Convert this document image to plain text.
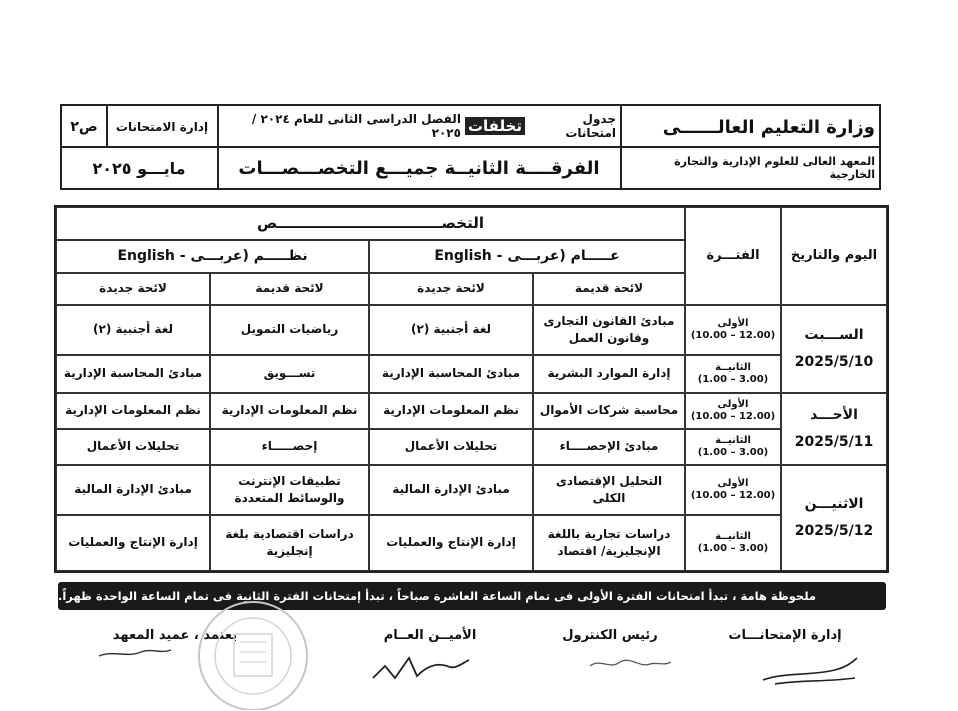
وزارة التعليم العالــــــى
المعهد العالى للعلوم الإدارية والتجارة الخارجية
جدول امتحانات
تخلفات
الفصل الدراسى الثانى للعام ٢٠٢٤ / ٢٠٢٥
الفرقــــة الثانيــة جميـــع التخصـــصـــات
إدارة الامتحانات
ص٢
مايـــو ٢٠٢٥
اليوم والتاريخ
الفتـــرة
التخصــــــــــــــــــــــــــــــــص
عـــــام (عربـــى - English
نظـــــم (عربـــى - English
لائحة قديمة
لائحة جديدة
لائحة قديمة
لائحة جديدة
الســـبت
2025/5/10
الأحـــد
2025/5/11
الاثنيـــن
2025/5/12
الأولى
(10.00 – 12.00)
الثانيــة
(1.00 – 3.00)
الأولى
(10.00 – 12.00)
الثانيــة
(1.00 – 3.00)
الأولى
(10.00 – 12.00)
الثانيــة
(1.00 – 3.00)
مبادئ القانون التجارى وقانون العمل
لغة أجنبية (٢)
رياضيات التمويل
لغة أجنبية (٢)
إدارة الموارد البشرية
مبادئ المحاسبة الإدارية
تســـويق
مبادئ المحاسبة الإدارية
محاسبة شركات الأموال
نظم المعلومات الإدارية
نظم المعلومات الإدارية
نظم المعلومات الإدارية
مبادئ الإحصــــاء
تحليلات الأعمال
إحصـــــاء
تحليلات الأعمال
التحليل الإقتصادى الكلى
مبادئ الإدارة المالية
تطبيقات الإنترنت والوسائط المتعددة
مبادئ الإدارة المالية
دراسات تجارية باللغة الإنجليزية/ اقتصاد
إدارة الإنتاج والعمليات
دراسات اقتصادية بلغة إنجليزية
إدارة الإنتاج والعمليات
ملحوظة هامة ، تبدأ امتحانات الفترة الأولى فى تمام الساعة العاشرة صباحاً ، تبدأ إمتحانات الفترة الثانية فى تمام الساعة الواحدة ظهراً.
إدارة الإمتحانـــات
رئيس الكنترول
الأميــن العــام
يعتمد ، عميد المعهد
